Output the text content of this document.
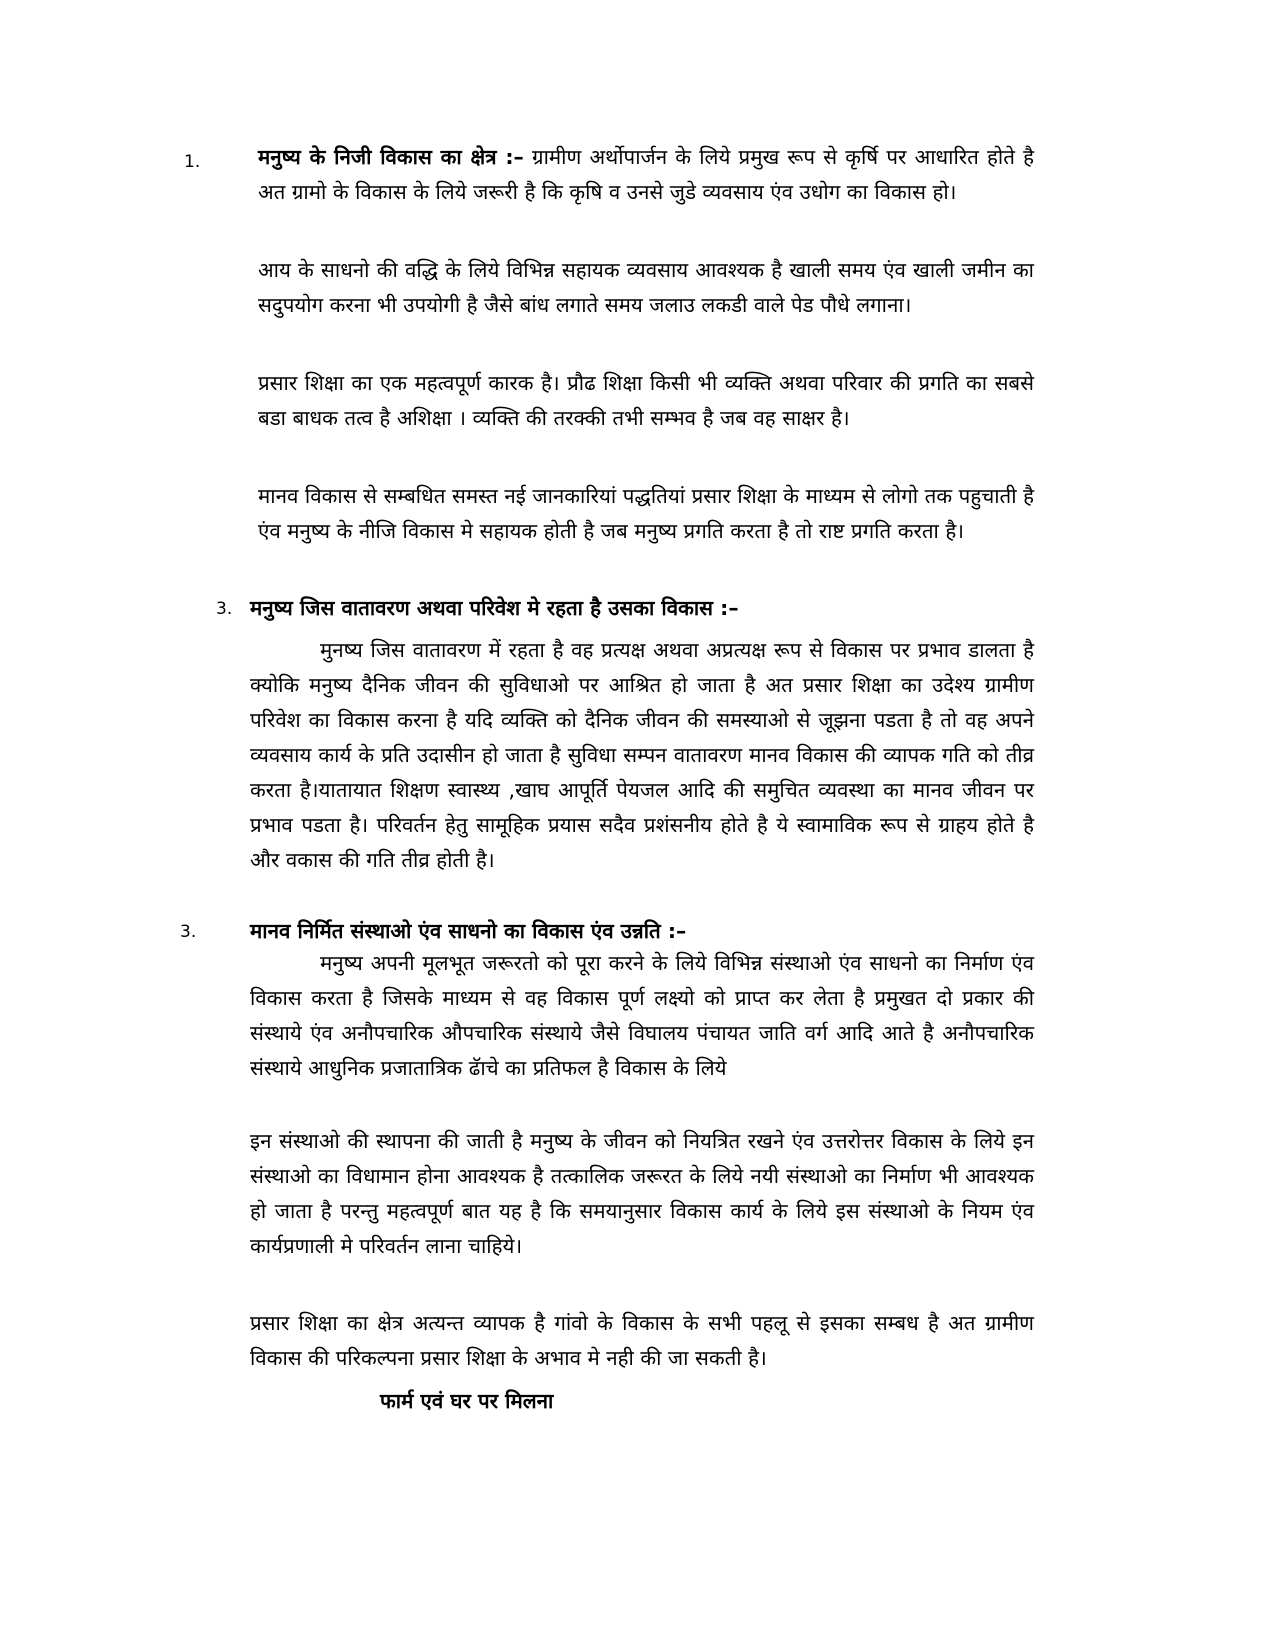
1.	मनुष्य के निजी विकास का क्षेत्र :– ग्रामीण अर्थोपार्जन के लिये प्रमुख रूप से कृर्षि पर आधारित होते है अत ग्रामो के विकास के लिये जरूरी है कि कृषि व उनसे जुडे व्यवसाय एंव उधोग का विकास हो।

आय के साधनो की वद्धि के लिये विभिन्न सहायक व्यवसाय आवश्यक है खाली समय एंव खाली जमीन का सदुपयोग करना भी उपयोगी है जैसे बांध लगाते समय जलाउ लकडी वाले पेड पौधे लगाना।

प्रसार शिक्षा का एक महत्वपूर्ण कारक है। प्रौढ शिक्षा किसी भी व्यक्ति अथवा परिवार की प्रगति का सबसे बडा बाधक तत्व है अशिक्षा । व्यक्ति की तरक्की तभी सम्भव है जब वह साक्षर है।

मानव विकास से सम्बधित समस्त नई जानकारियां पद्धतियां प्रसार शिक्षा के माध्यम से लोगो तक पहुचाती है एंव मनुष्य के नीजि विकास मे सहायक होती है जब मनुष्य प्रगति करता है तो राष्ट प्रगति करता है।

3. मनुष्य जिस वातावरण अथवा परिवेश मे रहता है उसका विकास :–

मुनष्य जिस वातावरण में रहता है वह प्रत्यक्ष अथवा अप्रत्यक्ष रूप से विकास पर प्रभाव डालता है क्योकि मनुष्य दैनिक जीवन की सुविधाओ पर आश्रित हो जाता है अत प्रसार शिक्षा का उदेश्य ग्रामीण परिवेश का विकास करना है यदि व्यक्ति को दैनिक जीवन की समस्याओ से जूझना पडता है तो वह अपने व्यवसाय कार्य के प्रति उदासीन हो जाता है सुविधा सम्पन वातावरण मानव विकास की व्यापक गति को तीव्र करता है।यातायात शिक्षण स्वास्थ्य ,खाघ आपूर्ति पेयजल आदि की समुचित व्यवस्था का मानव जीवन पर प्रभाव पडता है। परिवर्तन हेतु सामूहिक प्रयास सदैव प्रशंसनीय होते है ये स्वामाविक रूप से ग्राहय होते है और वकास की गति तीव्र होती है।

3.	मानव निर्मित संस्थाओ एंव साधनो का विकास एंव उन्नति :–

मनुष्य अपनी मूलभूत जरूरतो को पूरा करने के लिये विभिन्न संस्थाओ एंव साधनो का निर्माण एंव विकास करता है जिसके माध्यम से वह विकास पूर्ण लक्ष्यो को प्राप्त कर लेता है प्रमुखत दो प्रकार की संस्थाये एंव अनौपचारिक औपचारिक संस्थाये जैसे विघालय पंचायत जाति वर्ग आदि आते है अनौपचारिक संस्थाये आधुनिक प्रजातात्रिक ढॅाचे का प्रतिफल है विकास के लिये

इन संस्थाओ की स्थापना की जाती है मनुष्य के जीवन को नियत्रित रखने एंव उत्तरोत्तर विकास के लिये इन संस्थाओ का विधामान होना आवश्यक है तत्कालिक जरूरत के लिये नयी संस्थाओ का निर्माण भी आवश्यक हो जाता है परन्तु महत्वपूर्ण बात यह है कि समयानुसार विकास कार्य के लिये इस संस्थाओ के नियम एंव कार्यप्रणाली मे परिवर्तन लाना चाहिये।

प्रसार शिक्षा का क्षेत्र अत्यन्त व्यापक है गांवो के विकास के सभी पहलू से इसका सम्बध है अत ग्रामीण विकास की परिकल्पना प्रसार शिक्षा के अभाव मे नही की जा सकती है।

फार्म एवं घर पर मिलना
